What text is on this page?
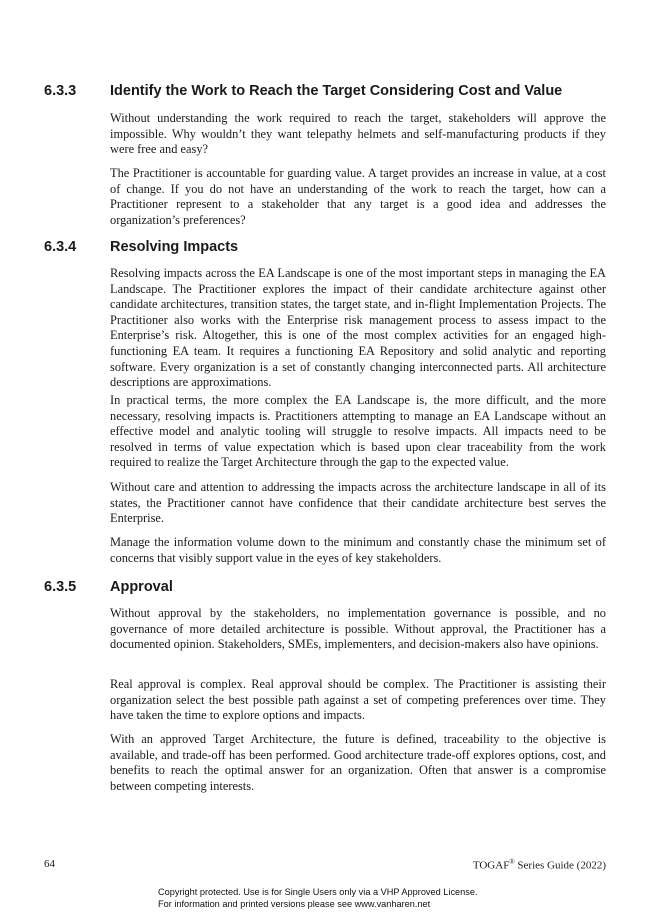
6.3.3 Identify the Work to Reach the Target Considering Cost and Value

Without understanding the work required to reach the target, stakeholders will approve the impossible. Why wouldn’t they want telepathy helmets and self-manufacturing products if they were free and easy?

The Practitioner is accountable for guarding value. A target provides an increase in value, at a cost of change. If you do not have an understanding of the work to reach the target, how can a Practitioner represent to a stakeholder that any target is a good idea and addresses the organization’s preferences?

6.3.4 Resolving Impacts

Resolving impacts across the EA Landscape is one of the most important steps in managing the EA Landscape. The Practitioner explores the impact of their candidate architecture against other candidate architectures, transition states, the target state, and in-flight Implementation Projects. The Practitioner also works with the Enterprise risk management process to assess impact to the Enterprise’s risk. Altogether, this is one of the most complex activities for an engaged high-functioning EA team. It requires a functioning EA Repository and solid analytic and reporting software. Every organization is a set of constantly changing interconnected parts. All architecture descriptions are approximations.

In practical terms, the more complex the EA Landscape is, the more difficult, and the more necessary, resolving impacts is. Practitioners attempting to manage an EA Landscape without an effective model and analytic tooling will struggle to resolve impacts. All impacts need to be resolved in terms of value expectation which is based upon clear traceability from the work required to realize the Target Architecture through the gap to the expected value.

Without care and attention to addressing the impacts across the architecture landscape in all of its states, the Practitioner cannot have confidence that their candidate architecture best serves the Enterprise.

Manage the information volume down to the minimum and constantly chase the minimum set of concerns that visibly support value in the eyes of key stakeholders.

6.3.5 Approval

Without approval by the stakeholders, no implementation governance is possible, and no governance of more detailed architecture is possible. Without approval, the Practitioner has a documented opinion. Stakeholders, SMEs, implementers, and decision-makers also have opinions.

Real approval is complex. Real approval should be complex. The Practitioner is assisting their organization select the best possible path against a set of competing preferences over time. They have taken the time to explore options and impacts.

With an approved Target Architecture, the future is defined, traceability to the objective is available, and trade-off has been performed. Good architecture trade-off explores options, cost, and benefits to reach the optimal answer for an organization. Often that answer is a compromise between competing interests.

64	TOGAF® Series Guide (2022)
Copyright protected. Use is for Single Users only via a VHP Approved License.
For information and printed versions please see www.vanharen.net
